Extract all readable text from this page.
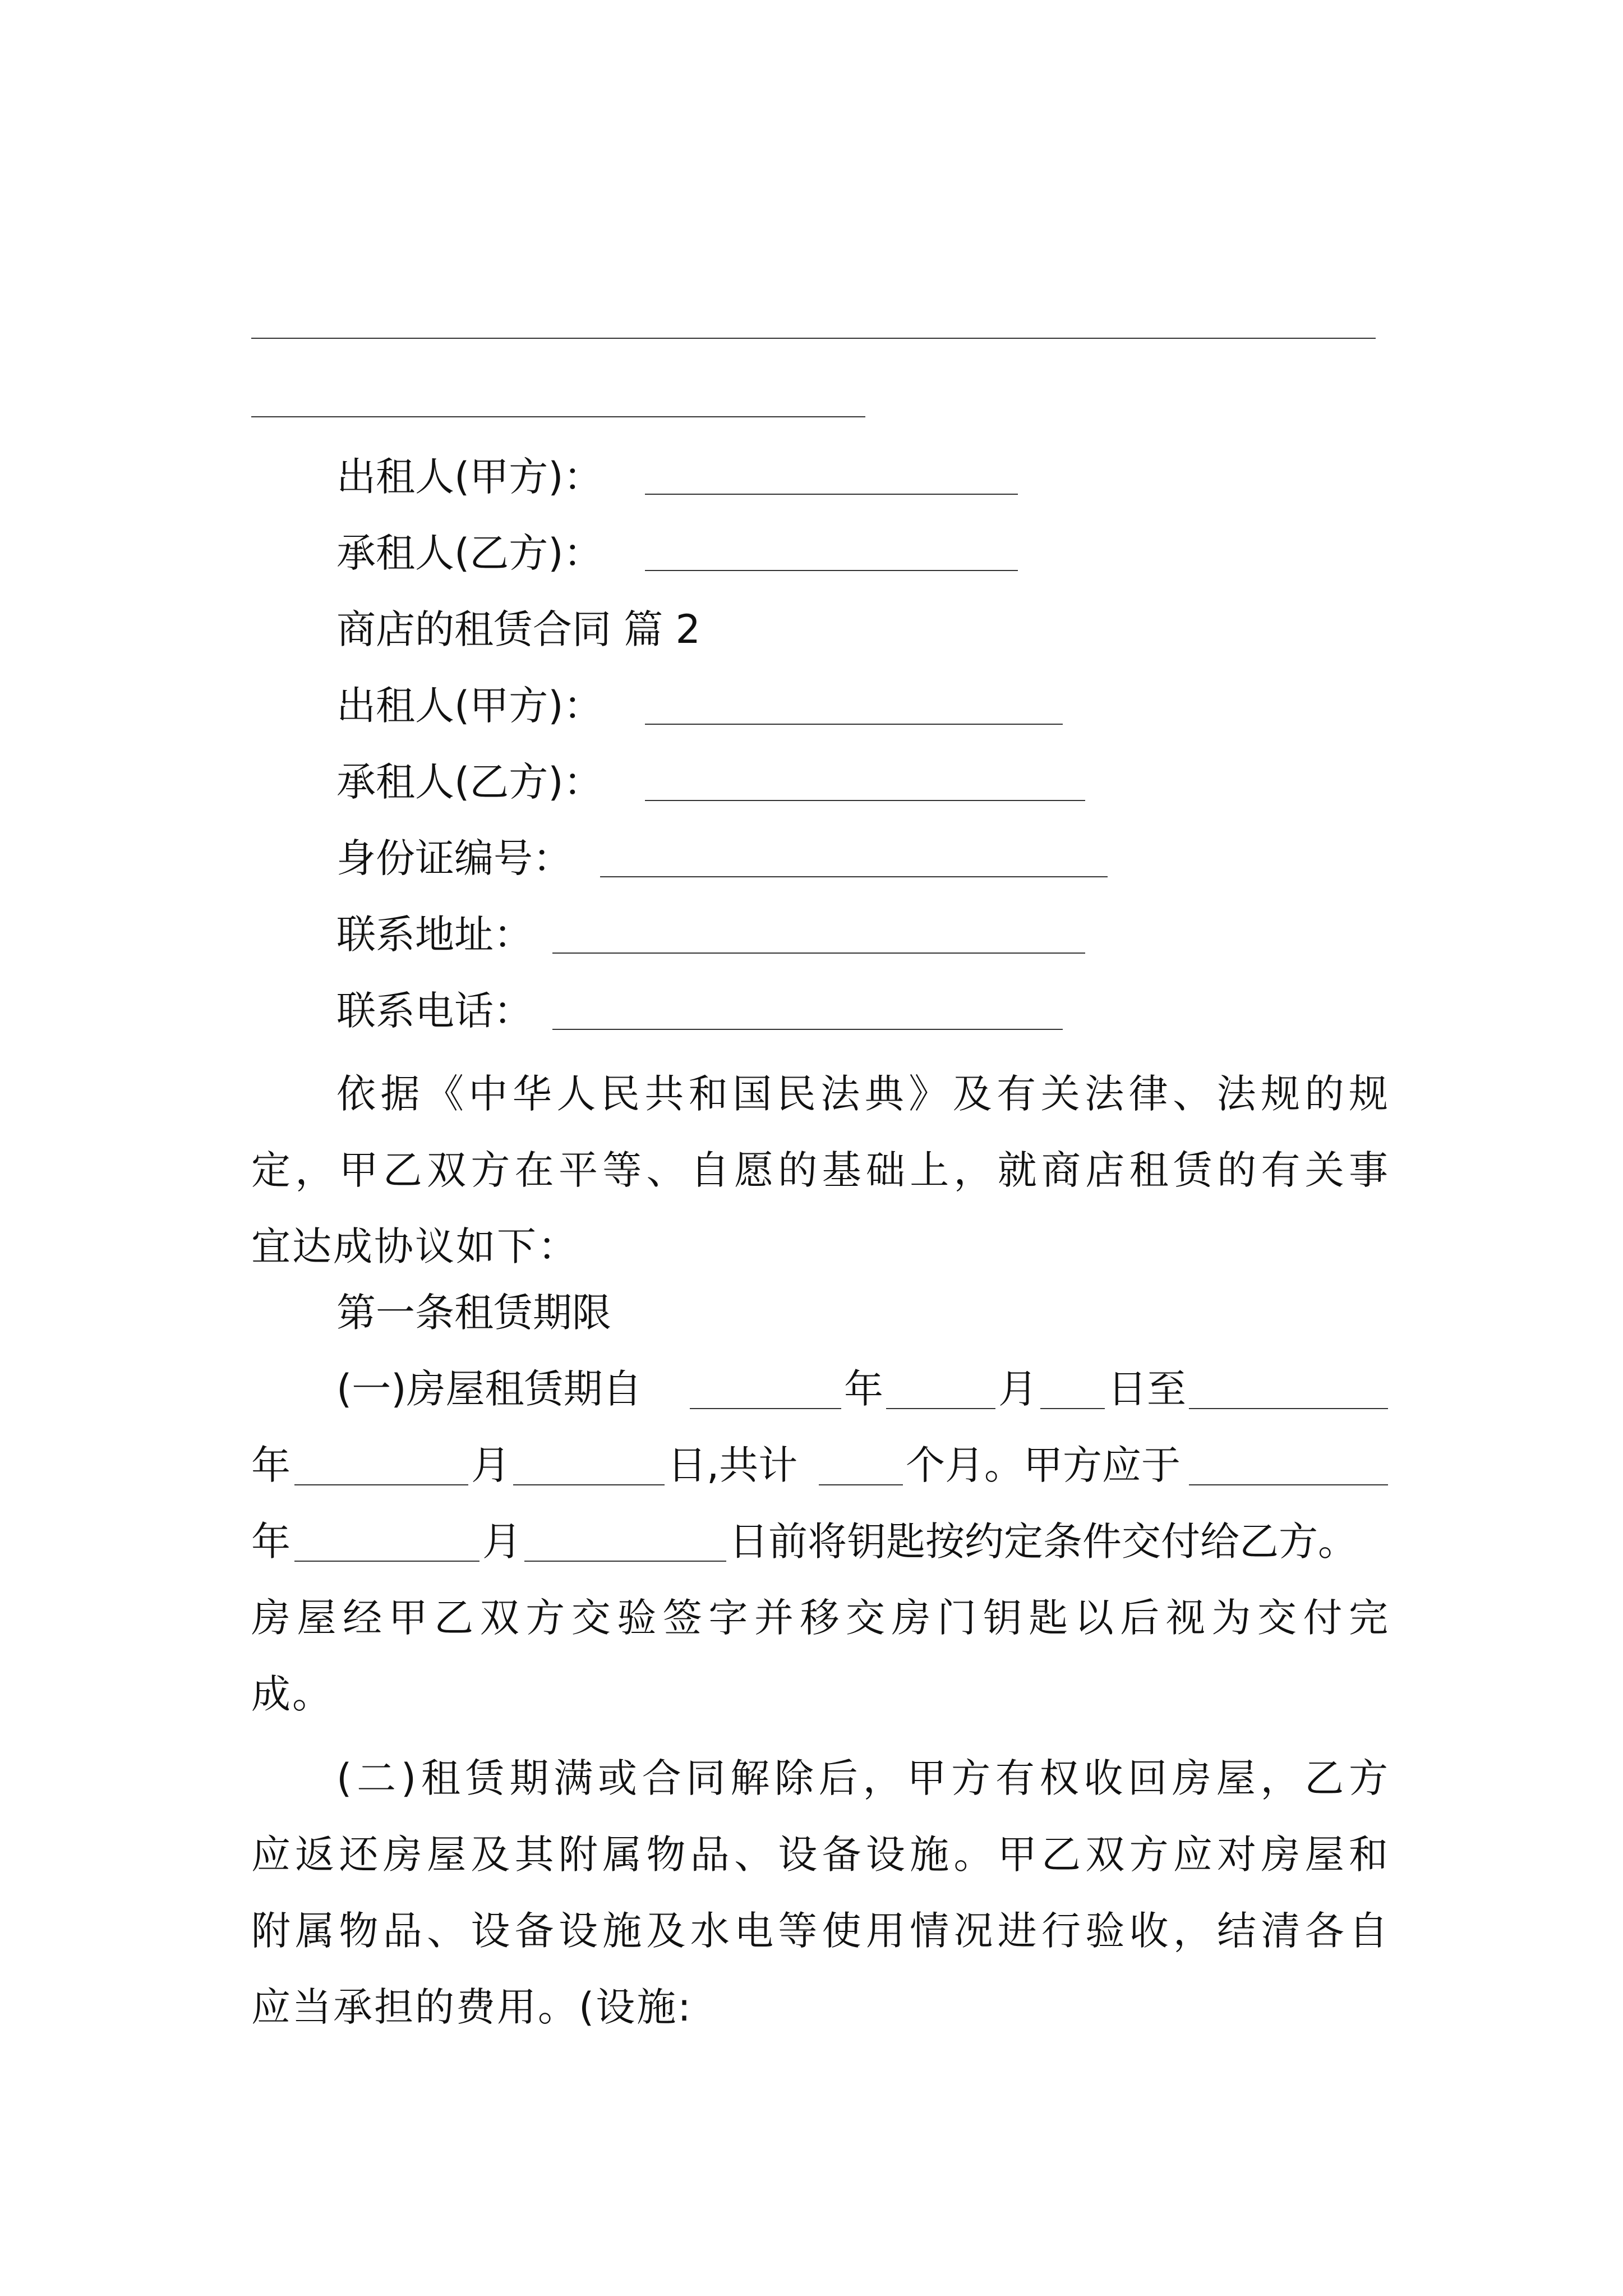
出租人(甲方)：
承租人(乙方)：
商店的租赁合同 篇 2
出租人(甲方)：
承租人(乙方)：
身份证编号：
联系地址：
联系电话：
依据《中华人民共和国民法典》及有关法律、法规的规
定，甲乙双方在平等、自愿的基础上，就商店租赁的有关事
宜达成协议如下：
第一条租赁期限
(一)房屋租赁期自	年	月 日至
年	月	日,共计	个月。甲方应于
年	月	日前将钥匙按约定条件交付给乙方。
房屋经甲乙双方交验签字并移交房门钥匙以后视为交付完
成。
(二)租赁期满或合同解除后，甲方有权收回房屋，乙方
应返还房屋及其附属物品、设备设施。甲乙双方应对房屋和
附属物品、设备设施及水电等使用情况进行验收，结清各自
应当承担的费用。(设施:
